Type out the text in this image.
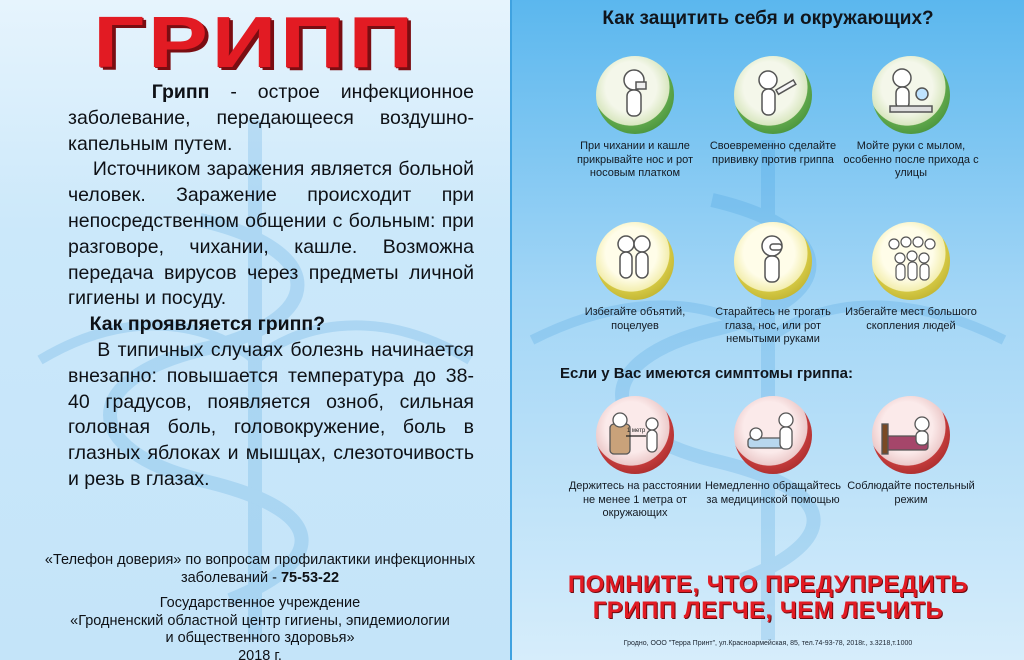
ГРИПП

Грипп - острое инфекционное заболевание, передающееся воздушно-капельным путем.

Источником заражения является больной человек. Заражение происходит при непосредственном общении с больным: при разговоре, чихании, кашле. Возможна передача вирусов через предметы личной гигиены и посуду.

Как проявляется грипп?

В типичных случаях болезнь начинается внезапно: повышается температура до 38-40 градусов, появляется озноб, сильная головная боль, головокружение, боль в глазных яблоках и мышцах, слезоточивость и резь в глазах.

«Телефон доверия» по вопросам профилактики инфекционных заболеваний - 75-53-22
Государственное учреждение
«Гродненский областной центр гигиены, эпидемиологии
и общественного здоровья»
2018 г.
Как защитить себя и окружающих?
При чихании и кашле прикрывайте нос и рот носовым платком
Своевременно сделайте прививку против гриппа
Мойте руки с мылом, особенно после прихода с улицы
Избегайте объятий, поцелуев
Старайтесь не трогать глаза, нос, или рот немытыми руками
Избегайте мест большого скопления людей
Если у Вас имеются симптомы гриппа:
1 метр
Держитесь на расстоянии не менее 1 метра от окружающих
Немедленно обращайтесь за медицинской помощью
Соблюдайте постельный режим
ПОМНИТЕ, ЧТО ПРЕДУПРЕДИТЬ
ГРИПП ЛЕГЧЕ, ЧЕМ ЛЕЧИТЬ
Гродно, ООО "Терра Принт", ул.Красноармейская, 85, тел.74-93-78, 2018г., з.3218,т.1000
